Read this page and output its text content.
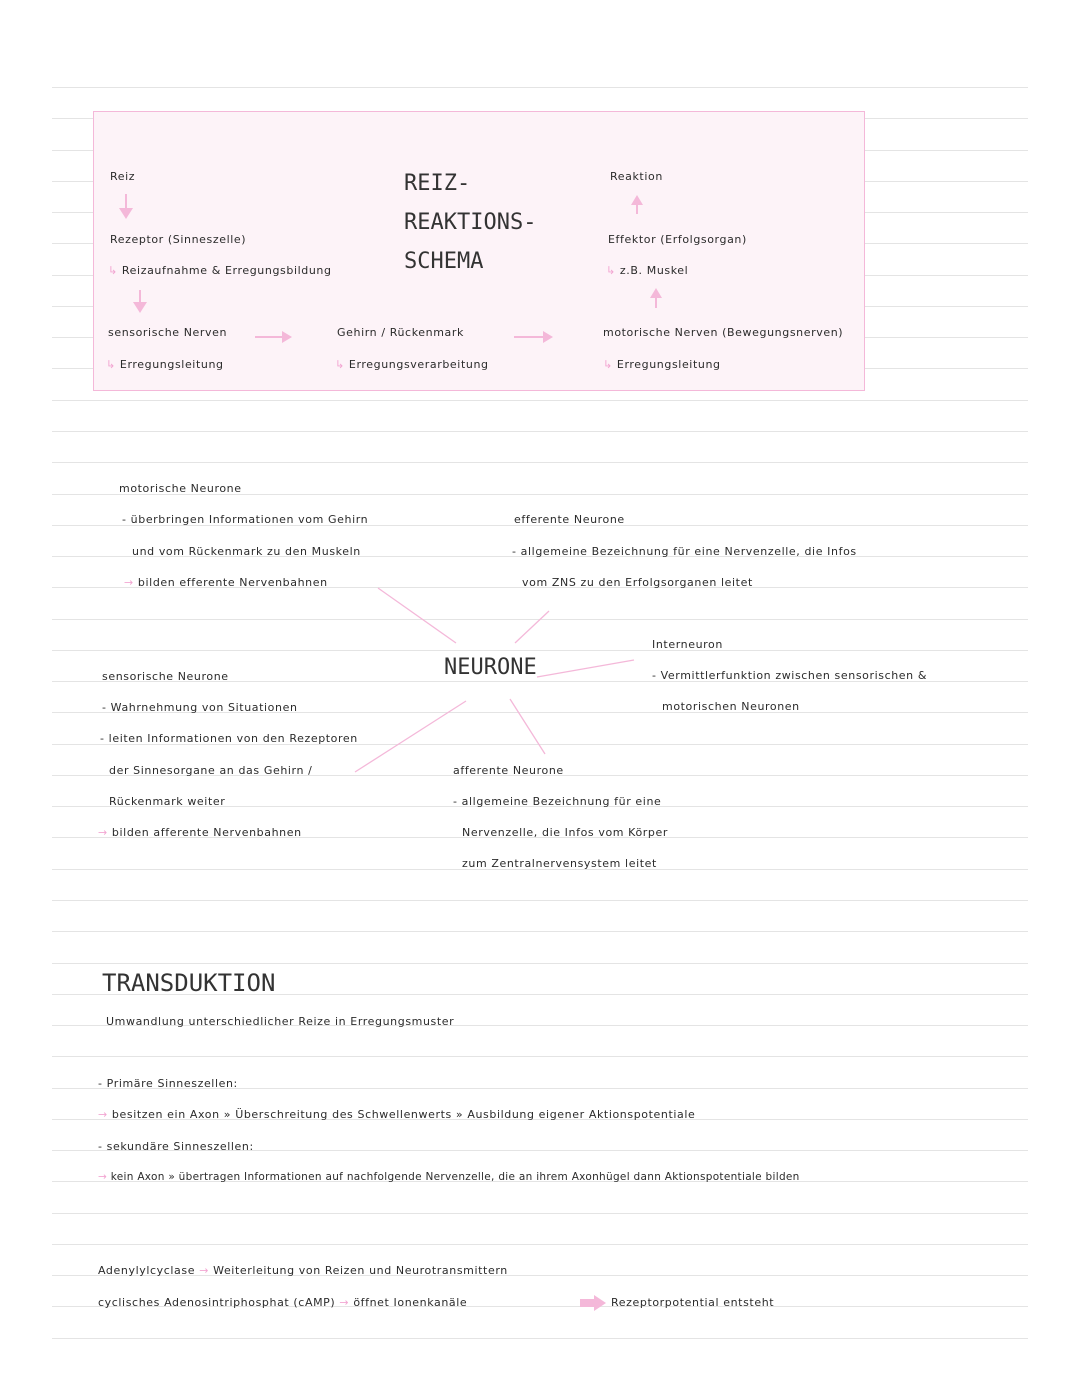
Reiz
Rezeptor (Sinneszelle)
↳ Reizaufnahme & Erregungsbildung
sensorische Nerven
↳ Erregungsleitung
REIZ-
REAKTIONS-
SCHEMA
Gehirn / Rückenmark
↳ Erregungsverarbeitung
Reaktion
Effektor (Erfolgsorgan)
↳ z.B. Muskel
motorische Nerven (Bewegungsnerven)
↳ Erregungsleitung
NEURONE
motorische Neurone
- überbringen Informationen vom Gehirn
und vom Rückenmark zu den Muskeln
→ bilden efferente Nervenbahnen
efferente Neurone
- allgemeine Bezeichnung für eine Nervenzelle, die Infos
vom ZNS zu den Erfolgsorganen leitet
Interneuron
- Vermittlerfunktion zwischen sensorischen &
motorischen Neuronen
sensorische Neurone
- Wahrnehmung von Situationen
- leiten Informationen von den Rezeptoren
der Sinnesorgane an das Gehirn /
Rückenmark weiter
→ bilden afferente Nervenbahnen
afferente Neurone
- allgemeine Bezeichnung für eine
Nervenzelle, die Infos vom Körper
zum Zentralnervensystem leitet
TRANSDUKTION
Umwandlung unterschiedlicher Reize in Erregungsmuster
- Primäre Sinneszellen:
→ besitzen ein Axon » Überschreitung des Schwellenwerts » Ausbildung eigener Aktionspotentiale
- sekundäre Sinneszellen:
→ kein Axon » übertragen Informationen auf nachfolgende Nervenzelle, die an ihrem Axonhügel dann Aktionspotentiale bilden
Adenylylcyclase → Weiterleitung von Reizen und Neurotransmittern
cyclisches Adenosintriphosphat (cAMP) → öffnet Ionenkanäle	Rezeptorpotential entsteht
